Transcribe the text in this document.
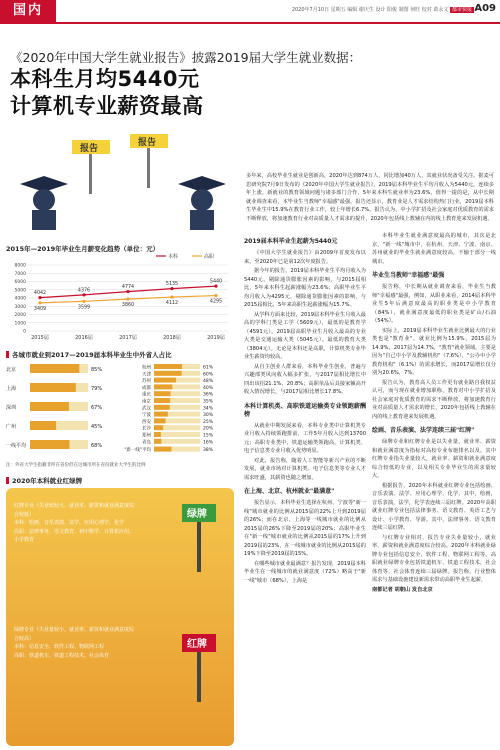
国内	2020年7月10日 星期五 编辑 谢庆生 设计 阳俊 制图 何旺 校对 葛永文 都市快报 A09
《2020年中国大学生就业报告》披露2019届大学生就业数据：
本科生月均5440元
计算机专业薪资最高
报告
报告
多年来，高校毕业生就业是创新高，2020年达到874万人，同比增加40万人，其就业状况备受关注。据麦可思研究院7月9日发布的《2020年中国大学生就业报告》，2019届本科毕业生平均月收入为5440元，连续多年上涨。新就业的教育领域问题与诸多部门合作，5年来本科生就业率为23.6%，值得一提的是，从中长期就业调查来看，本毕业生当教师"幸福感"最强。报告还显示，教育业是人才需求结构热门行业，2019届本科生毕业生中15.9%在教育行业工作，较上年增长6.7%。报告认为，中小学扩招及社会家庭对优质教育的需求不断释放，将加速教育行业对高质量人才需求的提升，2020年包括线上教辅在内的线上教育迎来发展机遇。
2015年—2019年毕业生月薪变化趋势（单位：元）
0
1000
2000
3000
4000
5000
6000
7000
8000
2015届	2016届	2017届	2018届	2019届
4042
4376
4774
5135
5440
本科
3409	3599	3860	4112	4295
高职
各城市就业到2017—2019届本科毕业生中外省人占比
北京	85%
上海	79%
深圳	67%
广州	45%
一线平均	68%
杭州	61%
天津	60%
苏州	48%
成都	40%
重庆	36%
南京	35%
武汉	34%
宁波	30%
西安	25%
长沙	20%
郑州	15%
青岛	16%
"新一线"平均	38%
注：外省大学生指籍非所在省份但在这城市所在省份就业大学生的比例
2020年本科就业红绿牌
红牌专业（失业较较大、就业率、薪资和就业满意度综合较低）
本科：绘画、音乐表演、法学、应用心理学、化学
高职：法律事务、语文教育、初中数学、计算机应用、小学数育
绿牌
绿牌专业（失业量较小、就业率、薪资和就业满意度综合较高）
本科：信息安全、软件工程、物联网工程
高职：铁道机车、铁道工程技术、社会体育
红牌
2019届本科毕业生起薪为5440元

《中国大学生就业报告》由2009年首度发布以来，至2020年已是第12次年度报告。

据今年的报告，2019届本科毕业生平均月收入为5440元，剔除通货膨胀因素的影响，与2015届相比，5年来本科生起薪涨幅为23.6%；高职毕业生平均月收入为4295元，剔除通货膨胀因素的影响，与2015届相比，5年来高职生起薪涨幅为15.7%。

从学科方面来比较，2019届本科毕业生月收入最高的学科门类是工学（5609元），最低的是教育学（4591元）。2019届高职毕业生月收入最高的专业大类是交通运输大类（5045元）。最低的教育大类（3804元）。无论是本科还是高职，计算机类专业毕业生薪资均较高。

从自主创业人群来看，本科毕业生创业，普遍与兴趣部类风向收入幅多扩张，与2017届相比增长中四出该招21.1%，20.8%；高职单品后具接家额高开收入情况增长，与2017届相比增长17.8%。

本科计算机类、高职铁道运输类专业领跑薪酬榜

从就业中期发展来看，本科专业类中计算机类专业月收入持续领跑排前，工作5年月收入达到13700元；高职专业类中，铁道运输类领跑高，计算机类、电子信息类专业月收入优势明显。

对此，报告称，随着人工智能等新兴产业的不断发展，就业市场对计算机类、电子信息类等专业人才需求旺盛，其薪资也随之增加。

在上海、北京、杭州就业"最满意"

报告显示，本科毕业生选择在杭州、宁波等"新一线"城市就业的比例从2015届的22%上升到2019届的26%；而在北京、上海等一线城市就业的比例从2015届的26%下降至2019届的20%；高职毕业生在"新一线"城市就业的比例从2015届的17%上升到2019届的23%，在一线城市就业的比例从2015届的19%下降至2019届的15%。

在哪些城市就业最满意？报告发现，2019届本科毕业生在一线城市的就业满意度（72%）略高于"新一线"城市（68%），上海是

本科毕业生就业满意度最高的城市，其次是北京，"新一线"城市中，在杭州、天津、宁波、南京、苏州就业的毕业生就业满意度较高，不输于部分一线城市。

毕业生当教师"幸福感"最强

报告称，中长期从就业调查来看，毕业生当教师"幸福感"最强，例如，从职业来看，2014届本科毕业生5年后满意度最高的职业类是中小学教育（84%），就业满意度最低的职业类是矿山/石油（54%）。

实际上，2019届本科毕业生就业比例最大的行业类也是"教育业"，就业比例为15.9%，2015届为14.9%，2017届为14.7%，"教育"就业领域，主要是因为"自己中小学及教辅机构"（7.6%），"公办中小学教育机构"（6.1%）的需求增长，而2017届增长仅分别为20.6%，7%。

报告认为，教育高人员工作更有就业路自我权益认可，而与现在就业增加职称，教育对中小学扩招及社会家庭对优质教育的需求不断释放，将加速教育行业对高质量人才需求的增长，2020年包括线上教辅在内的线上教育迎来发展机遇。

绘画、音乐表演、法学连续三届"红牌"

绿牌专业和红牌专业是以失业量、就业率、薪资和就业满意度为指标对高校专业布施排名以及。其中红牌专业指失业量较大，就业率、薪资和就业满意度综合较低的专业，以及相关专业毕业生的需求量较大。

根据报告，2020年本科就业红牌专业包括绘画、音乐表演、法学、应用心理学、化学，其中，绘画，音乐表演，法学，化学表连续三届红牌。2020年高职就业红牌专业包括法律事务、语文教育、英语工艺与设计、小学教育、导游。其中，法律事务、语文教育连续三届红牌。

与红牌专业相对，报告专业失业量较小，就业率、薪资和就业满意度综合较高。2020年本科就业绿牌专业包括信息安全、软件工程、物联网工程等。高职就业绿牌专业包括铁道机车、铁道工程技术，社会体育等，社会体育连续三届绿牌。报告称，行业整体需求与基础设施建设新需求带动高职毕业生起薪，

南都记者 胡朝山 发自北京
